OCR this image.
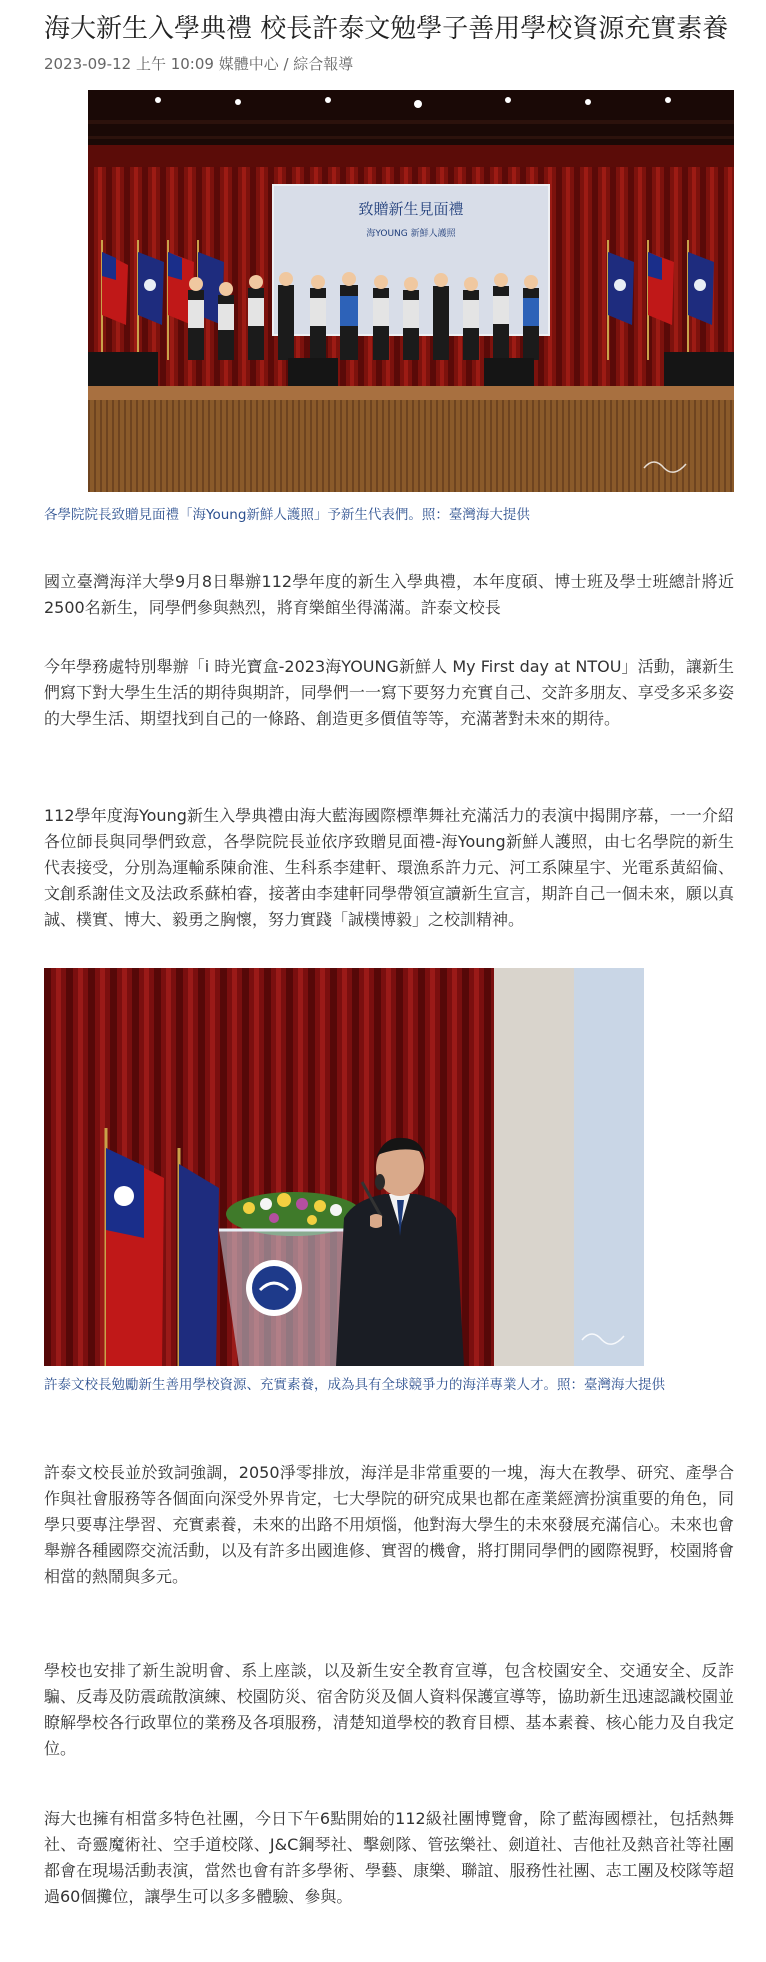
海大新生入學典禮 校長許泰文勉學子善用學校資源充實素養
2023-09-12 上午 10:09 媒體中心 / 綜合報導
致贈新生見面禮
海YOUNG 新鮮人護照
各學院院長致贈見面禮「海Young新鮮人護照」予新生代表們。照：臺灣海大提供

國立臺灣海洋大學9月8日舉辦112學年度的新生入學典禮，本年度碩、博士班及學士班總計將近2500名新生，同學們參與熱烈，將育樂館坐得滿滿。許泰文校長

今年學務處特別舉辦「i 時光寶盒-2023海YOUNG新鮮人 My First day at NTOU」活動，讓新生們寫下對大學生生活的期待與期許，同學們一一寫下要努力充實自己、交許多朋友、享受多采多姿的大學生活、期望找到自己的一條路、創造更多價值等等，充滿著對未來的期待。

112學年度海Young新生入學典禮由海大藍海國際標準舞社充滿活力的表演中揭開序幕，一一介紹各位師長與同學們致意，各學院院長並依序致贈見面禮-海Young新鮮人護照，由七名學院的新生代表接受，分別為運輸系陳俞淮、生科系李建軒、環漁系許力元、河工系陳星宇、光電系黃紹倫、文創系謝佳文及法政系蘇柏睿，接著由李建軒同學帶領宣讀新生宣言，期許自己一個未來，願以真誠、樸實、博大、毅勇之胸懷，努力實踐「誠樸博毅」之校訓精神。

許泰文校長勉勵新生善用學校資源、充實素養，成為具有全球競爭力的海洋專業人才。照：臺灣海大提供

許泰文校長並於致詞強調，2050淨零排放，海洋是非常重要的一塊，海大在教學、研究、產學合作與社會服務等各個面向深受外界肯定，七大學院的研究成果也都在產業經濟扮演重要的角色，同學只要專注學習、充實素養，未來的出路不用煩惱，他對海大學生的未來發展充滿信心。未來也會舉辦各種國際交流活動，以及有許多出國進修、實習的機會，將打開同學們的國際視野，校園將會相當的熱鬧與多元。

學校也安排了新生說明會、系上座談，以及新生安全教育宣導，包含校園安全、交通安全、反詐騙、反毒及防震疏散演練、校園防災、宿舍防災及個人資料保護宣導等，協助新生迅速認識校園並瞭解學校各行政單位的業務及各項服務，清楚知道學校的教育目標、基本素養、核心能力及自我定位。

海大也擁有相當多特色社團，今日下午6點開始的112級社團博覽會，除了藍海國標社，包括熱舞社、奇靈魔術社、空手道校隊、J&C鋼琴社、擊劍隊、管弦樂社、劍道社、吉他社及熱音社等社團都會在現場活動表演，當然也會有許多學術、學藝、康樂、聯誼、服務性社團、志工團及校隊等超過60個攤位，讓學生可以多多體驗、參與。
